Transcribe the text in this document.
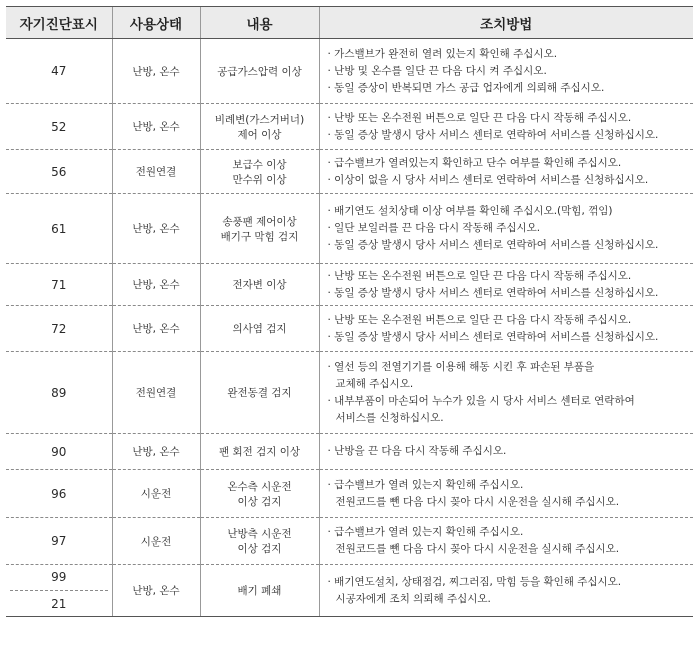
자기진단표시	사용상태	내용	조치방법
47	난방, 온수	공급가스압력 이상	· 가스밸브가 완전히 열려 있는지 확인해 주십시오.
· 난방 및 온수를 일단 끈 다음 다시 켜 주십시오.
· 동일 증상이 반복되면 가스 공급 업자에게 의뢰해 주십시오.

52	난방, 온수	비례변(가스거버너)
제어 이상	· 난방 또는 온수전원 버튼으로 일단 끈 다음 다시 작동해 주십시오.
· 동일 증상 발생시 당사 서비스 센터로 연락하여 서비스를 신청하십시오.

56	전원연결	보급수 이상
만수위 이상	· 급수밸브가 열려있는지 확인하고 단수 여부를 확인해 주십시오.
· 이상이 없을 시 당사 서비스 센터로 연락하여 서비스를 신청하십시오.

61	난방, 온수	송풍팬 제어이상
배기구 막힘 검지	· 배기연도 설치상태 이상 여부를 확인해 주십시오.(막힘, 꺾임)
· 일단 보일러를 끈 다음 다시 작동해 주십시오.
· 동일 증상 발생시 당사 서비스 센터로 연락하여 서비스를 신청하십시오.

71	난방, 온수	전자변 이상	· 난방 또는 온수전원 버튼으로 일단 끈 다음 다시 작동해 주십시오.
· 동일 증상 발생시 당사 서비스 센터로 연락하여 서비스를 신청하십시오.

72	난방, 온수	의사염 검지	· 난방 또는 온수전원 버튼으로 일단 끈 다음 다시 작동해 주십시오.
· 동일 증상 발생시 당사 서비스 센터로 연락하여 서비스를 신청하십시오.

89	전원연결	완전동결 검지	· 열선 등의 전열기기를 이용해 해동 시킨 후 파손된 부품을
교체해 주십시오.
· 내부부품이 마손되어 누수가 있을 시 당사 서비스 센터로 연락하여
서비스를 신청하십시오.

90	난방, 온수	팬 회전 검지 이상	· 난방을 끈 다음 다시 작동해 주십시오.

96	시운전	온수측 시운전
이상 검지	· 급수밸브가 열려 있는지 확인해 주십시오.
전원코드를 뺀 다음 다시 꽂아 다시 시운전을 실시해 주십시오.

97	시운전	난방측 시운전
이상 검지	· 급수밸브가 열려 있는지 확인해 주십시오.
전원코드를 뺀 다음 다시 꽂아 다시 시운전을 실시해 주십시오.

99
21	난방, 온수	배기 폐쇄	· 배기연도설치, 상태점검, 찌그러짐, 막힘 등을 확인해 주십시오.
시공자에게 조치 의뢰해 주십시오.
